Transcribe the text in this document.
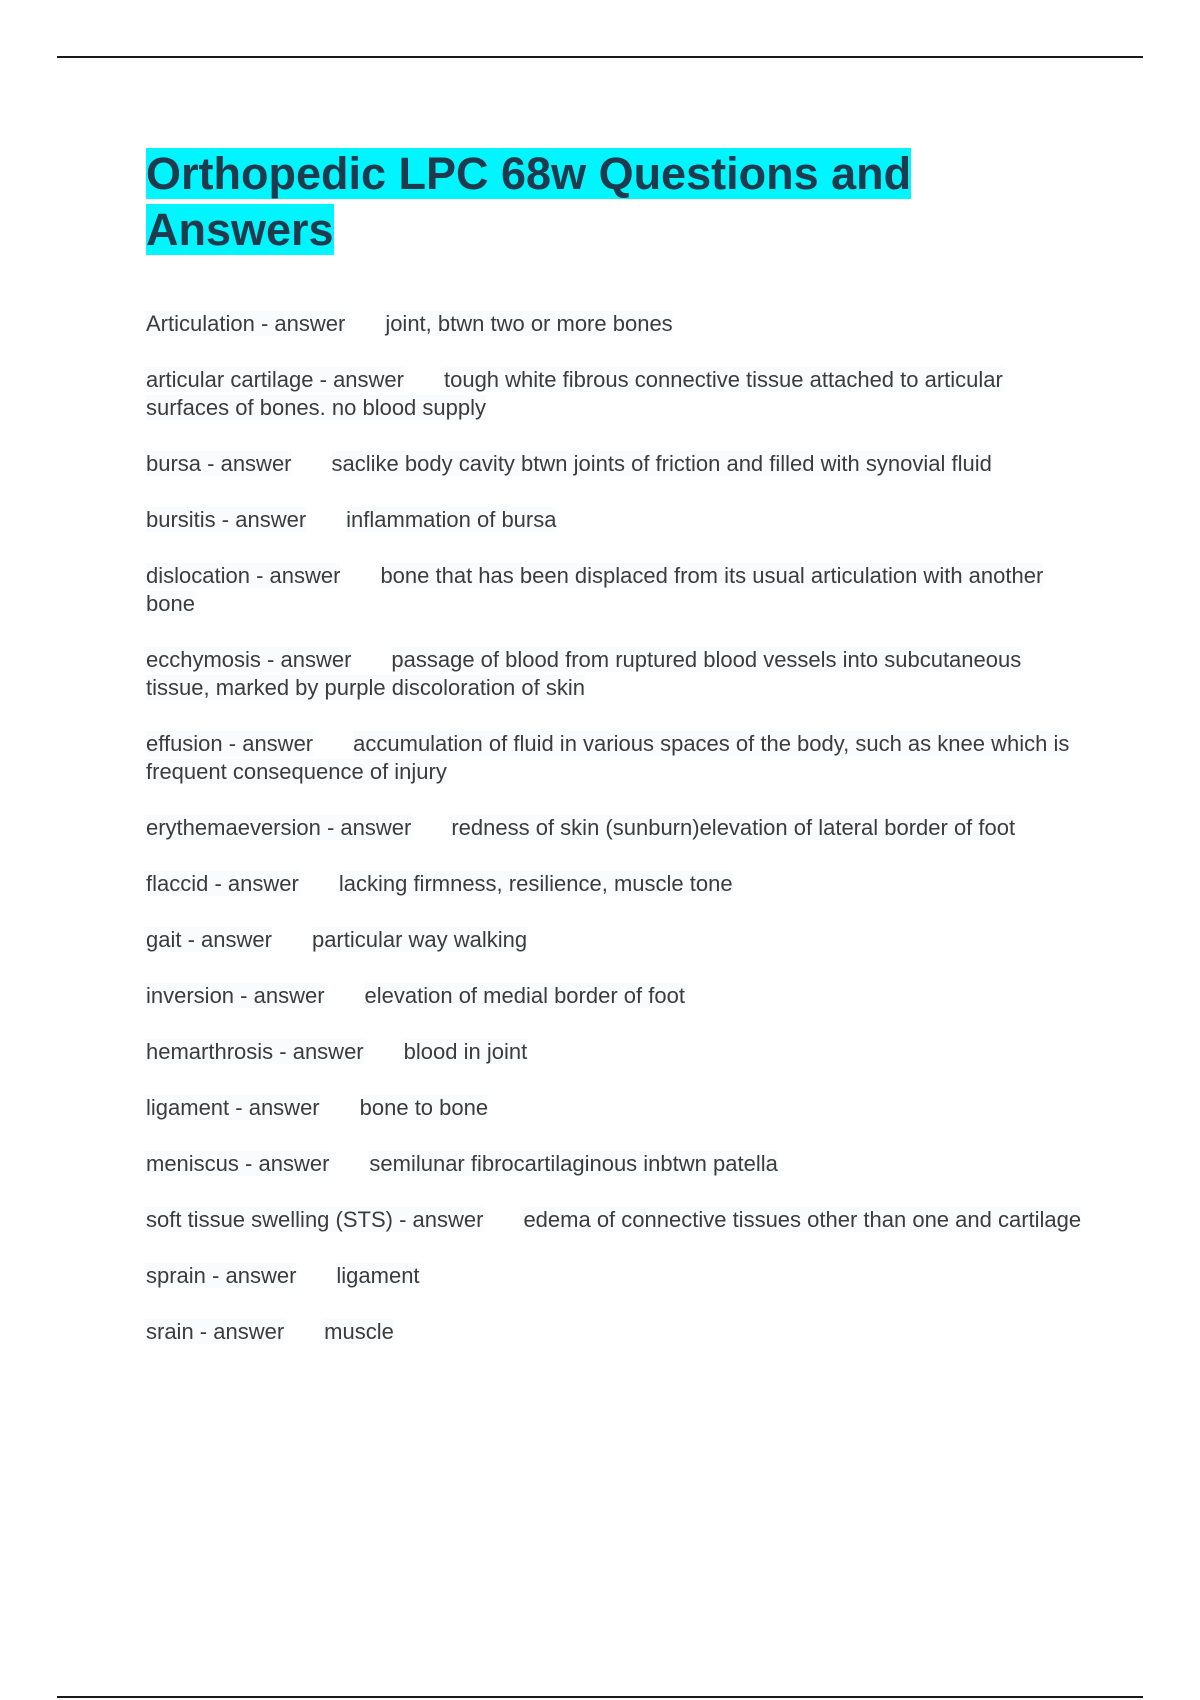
Orthopedic LPC 68w Questions and Answers
Articulation - answer joint, btwn two or more bones
articular cartilage - answer tough white fibrous connective tissue attached to articular surfaces of bones. no blood supply
bursa - answer saclike body cavity btwn joints of friction and filled with synovial fluid
bursitis - answer inflammation of bursa
dislocation - answer bone that has been displaced from its usual articulation with another bone
ecchymosis - answer passage of blood from ruptured blood vessels into subcutaneous tissue, marked by purple discoloration of skin
effusion - answer accumulation of fluid in various spaces of the body, such as knee which is frequent consequence of injury
erythemaeversion - answer redness of skin (sunburn)elevation of lateral border of foot
flaccid - answer lacking firmness, resilience, muscle tone
gait - answer particular way walking
inversion - answer elevation of medial border of foot
hemarthrosis - answer blood in joint
ligament - answer bone to bone
meniscus - answer semilunar fibrocartilaginous inbtwn patella
soft tissue swelling (STS) - answer edema of connective tissues other than one and cartilage
sprain - answer ligament
srain - answer muscle
